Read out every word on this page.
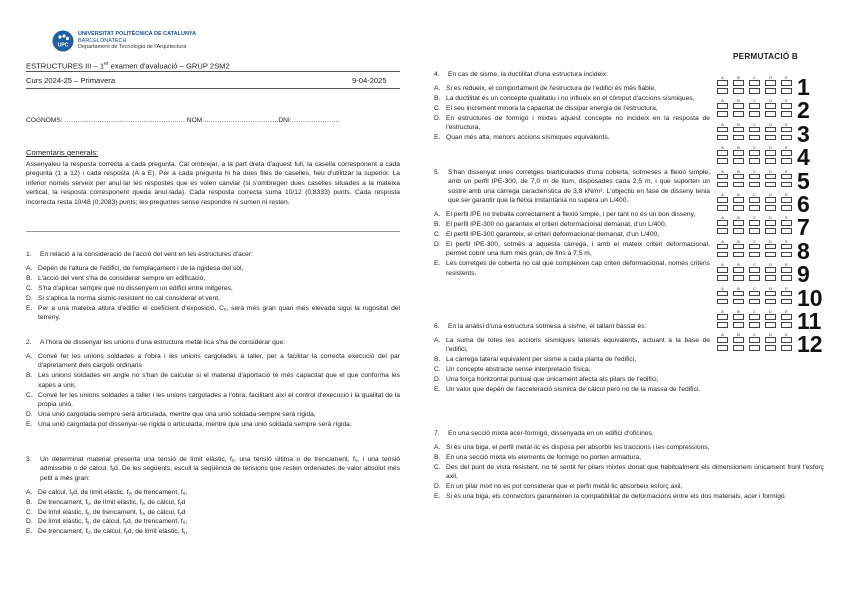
UPC
UNIVERSITAT POLITÈCNICA DE CATALUNYA
BARCELONATECH
Departament de Tecnologia de l'Arquitectura
ESTRUCTURES III – 1er examen d'avaluació – GRUP 2SM2
Curs 2024-25 – Primavera	9-04-2025
COGNOMS: ………………………………………………. NOM:…………………………….DNI:………………….
PERMUTACIÓ B
Comentaris generals:
Assenyaleu la resposta correcta a cada pregunta. Cal ombrejar, a la part dreta d'aquest full, la casella corresponent a cada pregunta (1 a 12) i cada resposta (A a E). Per a cada pregunta hi ha dues files de caselles, heu d'utilitzar la superior. La inferior només serveix per anul·lar les respostes que es volen canviar (si s'ombregen dues caselles situades a la mateixa vertical, la resposta corresponent queda anul·lada). Cada resposta correcta suma 10/12 (0,8333) punts. Cada resposta incorrecta resta 10/48 (0,2083) punts; les preguntes sense respondre ni sumen ni resten.
1.	En relació a la consideració de l'acció del vent en les estructures d'acer:
A. Depèn de l'altura de l'edifici, de l'emplaçament i de la rigidesa del sòl,
B. L'acció del vent s'ha de considerar sempre en edificació,
C. S'ha d'aplicar sempre que no dissenyem un edifici entre mitgeres,
D. Si s'aplica la norma sismic-resistent no cal considerar el vent,
E. Per a una mateixa altura d'edifici el coeficient d'exposició, Cₑ, serà més gran quan més elevada sigui la rugositat del terreny.
2.	A l'hora de dissenyar les unions d'una estructura metàl·lica s'ha de considerar que:
A. Convé fer les unions soldades a l'obra i les unions cargolades a taller, per a facilitar la correcta execució del par d'apretament dels cargols ordinaris
B. Les unions soldades en angle no s'han de calcular si el material d'aportació té més capacitat que el que conforma les xapes a unir,
C. Convé fer les unions soldades a taller i les unions cargolades a l'obra, facilitant així el control d'execució i la qualitat de la pròpia unió.
D. Una unió cargolada sempre serà articulada, mentre que una unió soldada sempre serà rígida,
E. Una unió cargolada pot dissenyar-se rígida o articulada, mentre que una unió soldada sempre serà rígida.
3.	Un determinat material presenta una tensió de límit elàstic, fᵧ, una tensió última o de trencament, fᵤ, i una tensió admissible o de càlcul, fᵧd. De les següents, escull la seqüència de tensions que resten ordenades de valor absolut més petit a més gran:
A. De càlcul, fᵧd, de límit elàstic, fᵧ, de trencament, fᵤ,
B. De trencament, fᵤ, de límit elàstic, fᵧ, de càlcul, fᵧd
C. De límit elàstic, fᵧ, de trencament, fᵤ, de càlcul, fᵧd
D. De límit elàstic, fᵧ, de càlcul, fᵧd, de trencament, fᵤ,
E. De trencament, fᵤ, de càlcul, fᵧd, de límit elàstic, fᵧ,
4.	En cas de sisme, la ductilitat d'una estructura incideix:
A. Si es redueix, el comportament de l'estructura de l'edifici és més fiable,
B. La ductilitat és un concepte qualitatiu i no influeix en el còmput d'accions sísmiques,
C. El seu increment minora la capacitat de dissipar energia de l'estructura,
D. En estructures de formigó i mixtes aquest concepte no incideix en la resposta de l'estructura,
E. Quan més alta, menors accions sísmiques equivalents.
5.	S'han dissenyat unes corretges biarticulades d'una coberta, sotmeses a flexió simple, amb un perfil IPE-300, de 7,0 m de llum, disposades cada 2,5 m, i que suporten un sostre amb una càrrega característica de 3,8 kN/m². L'objectiu en fase de disseny tenia que ser garantir que la fletxa instantània no supera un L/400.
A. El perfil IPE no treballa correctament a flexió simple, i per tant no és un bon disseny,
B. El perfil IPE-300 no garanteix el criteri deformacional demanat, d'un L/400,
C. El perfil IPE-300 garanteix, el criteri deformacional demanat, d'un L/400,
D. El perfil IPE-300, sotmès a aquesta càrrega, i amb el mateix criteri deformacional, permet cobrir una llum més gran, de fins a 7,5 m,
E. Les corretges de coberta no cal que compleixen cap criteri deformacional, només criteris resistents.
6.	En la anàlisi d'una estructura sotmesa a sisme, el tallant bassal és:
A. La suma de totes les accions sísmiques laterals equivalents, actuant a la base de l'edifici,
B. La càrrega lateral equivalent per sisme a cada planta de l'edifici,
C. Un concepte abstracte sense interpretació física,
D. Una força horitzontal puntual que únicament afecta als pilars de l'edifici,
E. Un valor que depèn de l'acceleració sísmica de càlcul però no de la massa de l'edifici.
7.	En una secció mixta acer-formigó, dissenyada en un edifici d'oficines,
A. Si és una biga, el perfil metàl·lic es disposa per absorbir les traccions i les compressions,
B. En una secció mixta els elements de formigó no porten armadura,
C. Des del punt de vista resistent, no té sentit fer pilars mixtes donat que habitualment els dimensionem únicament front l'esforç axil,
D. En un pilar mixt no es pot considerar que el perfil metàl·lic absorbeix esforç axil,
E. Si és una biga, els connectors garanteixen la compatibilitat de deformacions entre els dos materials, acer i formigó.
A	B	C	D	E 1
A	B	C	D	E 2
A	B	C	D	E 3
A	B	C	D	E 4
A	B	C	D	E 5
A	B	C	D	E 6
A	B	C	D	E 7
A	B	C	D	E 8
A	B	C	D	E 9
A	B	C	D	E 10
A	B	C	D	E 11
A	B	C	D	E 12
